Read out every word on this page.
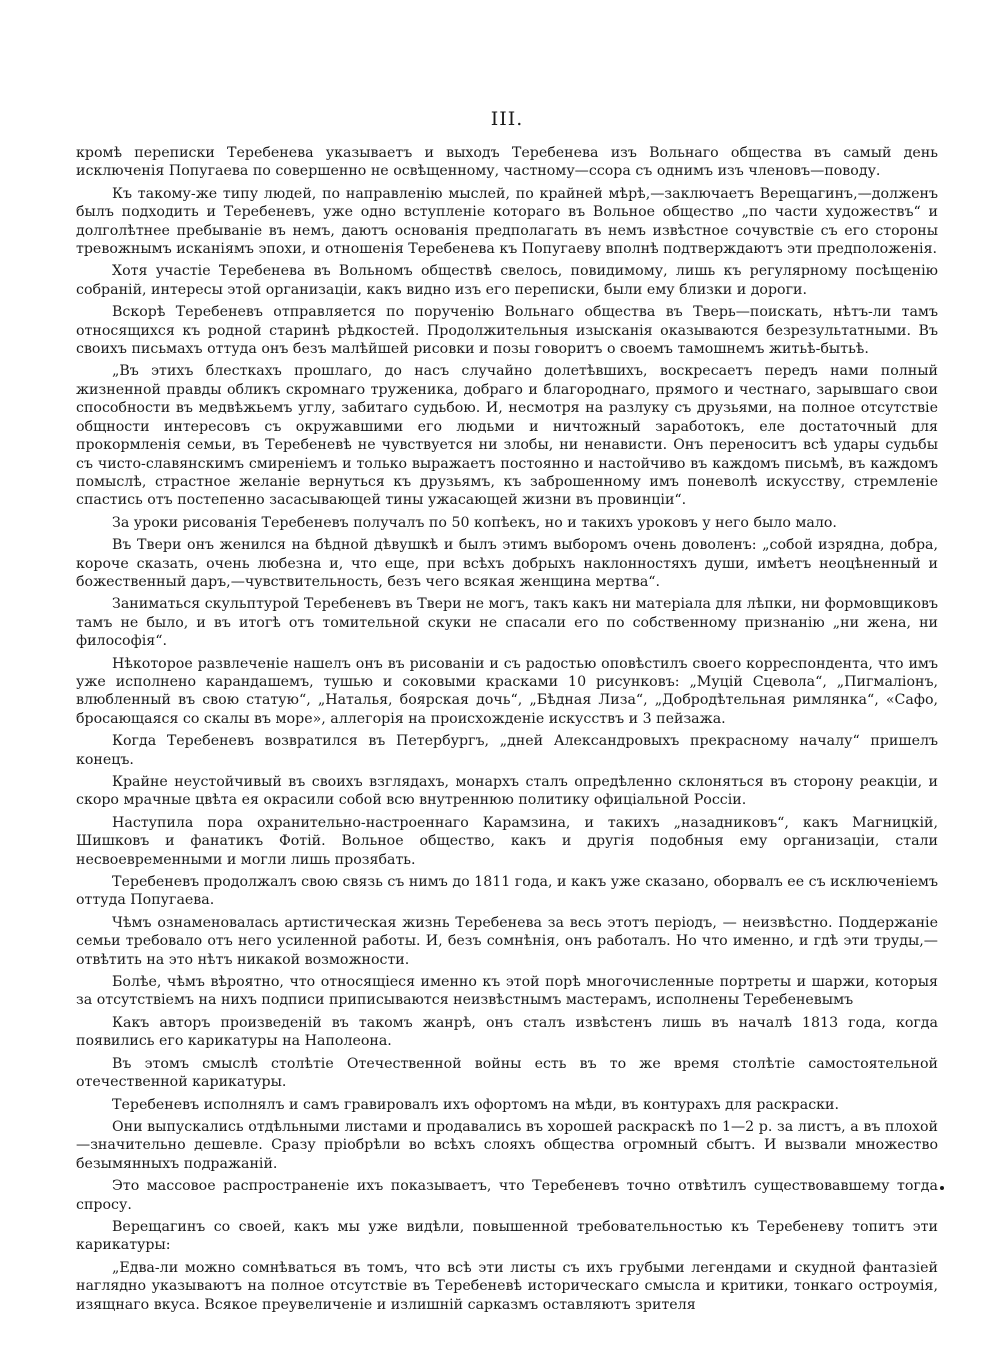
III.

кромѣ переписки Теребенева указываетъ и выходъ Теребенева изъ Вольнаго общества въ самый день исключенія Попугаева по совершенно не освѣщенному, частному—ссора съ однимъ изъ членовъ—поводу.

Къ такому-же типу людей, по направленію мыслей, по крайней мѣрѣ,—заключаетъ Верещагинъ,—долженъ былъ подходить и Теребеневъ, уже одно вступленіе котораго въ Вольное общество „по части художествъ“ и долголѣтнее пребываніе въ немъ, даютъ основанія предполагать въ немъ извѣстное сочувствіе съ его стороны тревожнымъ исканіямъ эпохи, и отношенія Теребенева къ Попугаеву вполнѣ подтверждаютъ эти предположенія.

Хотя участіе Теребенева въ Вольномъ обществѣ свелось, повидимому, лишь къ регулярному посѣщенію собраній, интересы этой организаціи, какъ видно изъ его переписки, были ему близки и дороги.

Вскорѣ Теребеневъ отправляется по порученію Вольнаго общества въ Тверь—поискать, нѣтъ-ли тамъ относящихся къ родной старинѣ рѣдкостей. Продолжительныя изысканія оказываются безрезультатными. Въ своихъ письмахъ оттуда онъ безъ малѣйшей рисовки и позы говоритъ о своемъ тамошнемъ житьѣ-бытьѣ.

„Въ этихъ блесткахъ прошлаго, до насъ случайно долетѣвшихъ, воскресаетъ передъ нами полный жизненной правды обликъ скромнаго труженика, добраго и благороднаго, прямого и честнаго, зарывшаго свои способности въ медвѣжьемъ углу, забитаго судьбою. И, несмотря на разлуку съ друзьями, на полное отсутствіе общности интересовъ съ окружавшими его людьми и ничтожный заработокъ, еле достаточный для прокормленія семьи, въ Теребеневѣ не чувствуется ни злобы, ни ненависти. Онъ переноситъ всѣ удары судьбы съ чисто-славянскимъ смиреніемъ и только выражаетъ постоянно и настойчиво въ каждомъ письмѣ, въ каждомъ помыслѣ, страстное желаніе вернуться къ друзьямъ, къ заброшенному имъ поневолѣ искусству, стремленіе спастись отъ постепенно засасывающей тины ужасающей жизни въ провинціи“.

За уроки рисованія Теребеневъ получалъ по 50 копѣекъ, но и такихъ уроковъ у него было мало.

Въ Твери онъ женился на бѣдной дѣвушкѣ и былъ этимъ выборомъ очень доволенъ: „собой изрядна, добра, короче сказать, очень любезна и, что еще, при всѣхъ добрыхъ наклонностяхъ души, имѣетъ неоцѣненный и божественный даръ,—чувствительность, безъ чего всякая женщина мертва“.

Заниматься скульптурой Теребеневъ въ Твери не могъ, такъ какъ ни матеріала для лѣпки, ни формовщиковъ тамъ не было, и въ итогѣ отъ томительной скуки не спасали его по собственному признанію „ни жена, ни философія“.

Нѣкоторое развлеченіе нашелъ онъ въ рисованіи и съ радостью оповѣстилъ своего корреспондента, что имъ уже исполнено карандашемъ, тушью и соковыми красками 10 рисунковъ: „Муцій Сцевола“, „Пигмаліонъ, влюбленный въ свою статую“, „Наталья, боярская дочь“, „Бѣдная Лиза“, „Добродѣтельная римлянка“, «Сафо, бросающаяся со скалы въ море», аллегорія на происхожденіе искусствъ и 3 пейзажа.

Когда Теребеневъ возвратился въ Петербургъ, „дней Александровыхъ прекрасному началу“ пришелъ конецъ.

Крайне неустойчивый въ своихъ взглядахъ, монархъ сталъ опредѣленно склоняться въ сторону реакціи, и скоро мрачные цвѣта ея окрасили собой всю внутреннюю политику офиціальной Россіи.

Наступила пора охранительно-настроеннаго Карамзина, и такихъ „назадниковъ“, какъ Магницкій, Шишковъ и фанатикъ Фотій. Вольное общество, какъ и другія подобныя ему организаціи, стали несвоевременными и могли лишь прозябать.

Теребеневъ продолжалъ свою связь съ нимъ до 1811 года, и какъ уже сказано, оборвалъ ее съ исключеніемъ оттуда Попугаева.

Чѣмъ ознаменовалась артистическая жизнь Теребенева за весь этотъ періодъ, — неизвѣстно. Поддержаніе семьи требовало отъ него усиленной работы. И, безъ сомнѣнія, онъ работалъ. Но что именно, и гдѣ эти труды,—отвѣтить на это нѣтъ никакой возможности.

Болѣе, чѣмъ вѣроятно, что относящіеся именно къ этой порѣ многочисленные портреты и шаржи, которыя за отсутствіемъ на нихъ подписи приписываются неизвѣстнымъ мастерамъ, исполнены Теребеневымъ

Какъ авторъ произведеній въ такомъ жанрѣ, онъ сталъ извѣстенъ лишь въ началѣ 1813 года, когда появились его карикатуры на Наполеона.

Въ этомъ смыслѣ столѣтіе Отечественной войны есть въ то же время столѣтіе самостоятельной отечественной карикатуры.

Теребеневъ исполнялъ и самъ гравировалъ ихъ офортомъ на мѣди, въ контурахъ для раскраски.

Они выпускались отдѣльными листами и продавались въ хорошей раскраскѣ по 1—2 р. за листъ, а въ плохой—значительно дешевле. Сразу пріобрѣли во всѣхъ слояхъ общества огромный сбытъ. И вызвали множество безымянныхъ подражаній.

Это массовое распространеніе ихъ показываетъ, что Теребеневъ точно отвѣтилъ существовавшему тогда спросу.

Верещагинъ со своей, какъ мы уже видѣли, повышенной требовательностью къ Теребеневу топитъ эти карикатуры:

„Едва-ли можно сомнѣваться въ томъ, что всѣ эти листы съ ихъ грубыми легендами и скудной фантазіей наглядно указываютъ на полное отсутствіе въ Теребеневѣ историческаго смысла и критики, тонкаго остроумія, изящнаго вкуса. Всякое преувеличеніе и излишній сарказмъ оставляютъ зрителя
